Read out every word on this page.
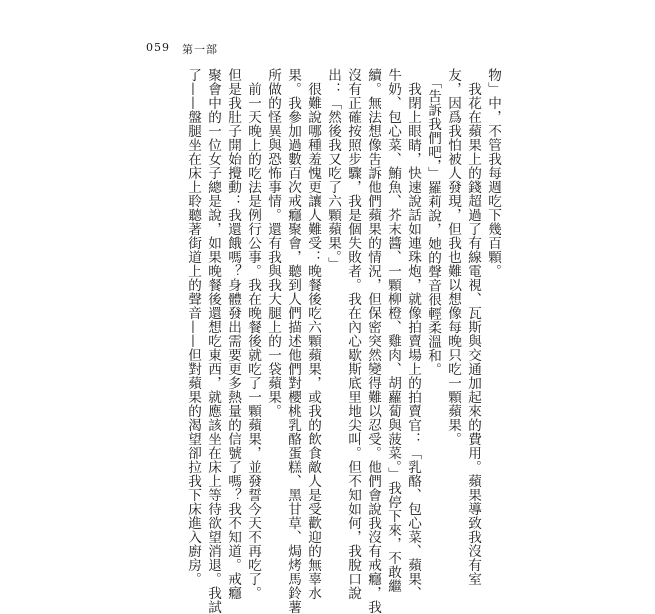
059 第一部
物」中，不管我每週吃下幾百顆。
　我花在蘋果上的錢超過了有線電視、瓦斯與交通加起來的費用。蘋果導致我沒有室
友，因爲我怕被人發現，但我也難以想像每晚只吃一顆蘋果。
　「吿訴我們吧，」羅莉說，她的聲音很輕柔溫和。
　我閉上眼睛，快速說話如連珠炮，就像拍賣場上的拍賣官：「乳酪、包心菜、蘋果、
牛奶、包心菜、鮪魚、芥末醬、一顆柳橙、雞肉、胡蘿蔔與菠菜。」我停下來，不敢繼
續。無法想像吿訴他們蘋果的情況，但保密突然變得難以忍受。他們會說我沒有戒癮，我
沒有正確按照步驟，我是個失敗者。我在內心歇斯底里地尖叫。但不知如何，我脫口說
出：「然後我又吃了六顆蘋果。」
　很難說哪種羞愧更讓人難受：晚餐後吃六顆蘋果，或我的飲食敵人是受歡迎的無辜水
果。我參加過數百次戒癮聚會，聽到人們描述他們對櫻桃乳酪蛋糕、黑甘草、焗烤馬鈴薯
所做的怪異與恐怖事情。還有我與我大腿上的一袋蘋果。
　前一天晚上的吃法是例行公事。我在晚餐後就吃了一顆蘋果，並發誓今天不再吃了。
但是我肚子開始攪動：我還餓嗎？身體發出需要更多熱量的信號了嗎？我不知道。戒癮
聚會中的一位女子總是說，如果晚餐後還想吃東西，就應該坐在床上等待欲望消退。我試
了——盤腿坐在床上聆聽著街道上的聲音——但對蘋果的渴望卻拉我下床進入廚房。
